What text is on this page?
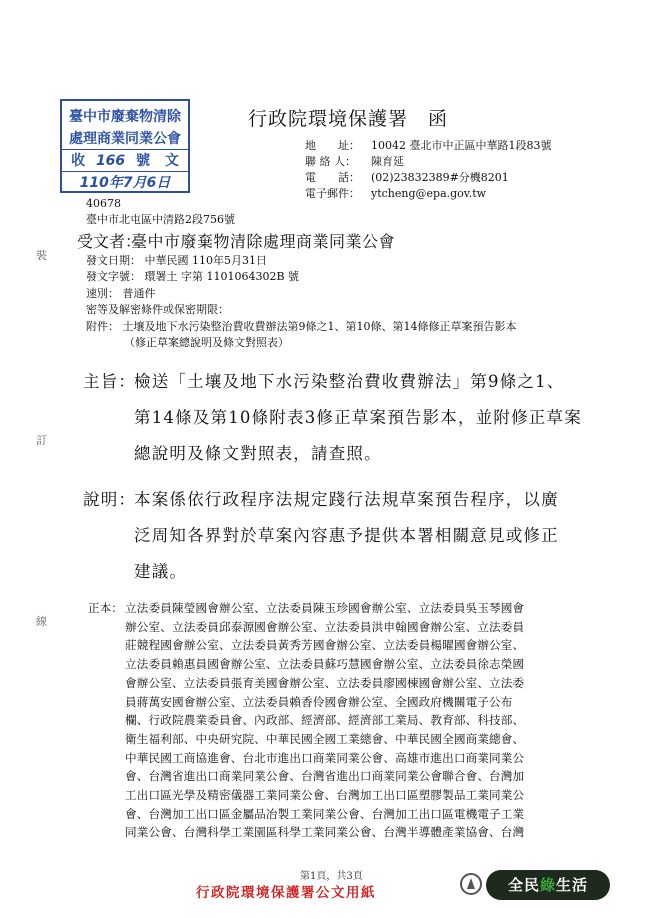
臺中市廢棄物清除
處理商業同業公會
收 166 號 文
110年7月6日
行政院環境保護署　函
地　　址： 10042 臺北市中正區中華路1段83號
聯 絡 人： 陳育延
電　　話： (02)23832389#分機8201
電子郵件： ytcheng@epa.gov.tw
40678
臺中市北屯區中清路2段756號
受文者：
臺中市廢棄物清除處理商業同業公會
發文日期： 中華民國 110年5月31日
發文字號： 環署土 字第 1101064302B 號
速別： 普通件
密等及解密條件或保密期限：
附件： 土壤及地下水污染整治費收費辦法第9條之1、第10條、第14條修正草案預告影本
（修正草案總說明及條文對照表）
主旨：
檢送「土壤及地下水污染整治費收費辦法」第9條之1、
第14條及第10條附表3修正草案預告影本，並附修正草案
總說明及條文對照表，請查照。
說明：
本案係依行政程序法規定踐行法規草案預告程序，以廣
泛周知各界對於草案內容惠予提供本署相關意見或修正
建議。
正本： 立法委員陳瑩國會辦公室、立法委員陳玉珍國會辦公室、立法委員吳玉琴國會
辦公室、立法委員邱泰源國會辦公室、立法委員洪申翰國會辦公室、立法委員
莊競程國會辦公室、立法委員黃秀芳國會辦公室、立法委員楊曜國會辦公室、
立法委員賴惠員國會辦公室、立法委員蘇巧慧國會辦公室、立法委員徐志榮國
會辦公室、立法委員張育美國會辦公室、立法委員廖國棟國會辦公室、立法委
員蔣萬安國會辦公室、立法委員賴香伶國會辦公室、全國政府機關電子公布
欄、行政院農業委員會、內政部、經濟部、經濟部工業局、教育部、科技部、
衛生福利部、中央研究院、中華民國全國工業總會、中華民國全國商業總會、
中華民國工商協進會、台北市進出口商業同業公會、高雄市進出口商業同業公
會、台灣省進出口商業同業公會、台灣省進出口商業同業公會聯合會、台灣加
工出口區光學及精密儀器工業同業公會、台灣加工出口區塑膠製品工業同業公
會、台灣加工出口區金屬品冶製工業同業公會、台灣加工出口區電機電子工業
同業公會、台灣科學工業園區科學工業同業公會、台灣半導體產業協會、台灣
裝
訂
線
第1頁，共3頁
行政院環境保護署公文用紙	全民綠生活
